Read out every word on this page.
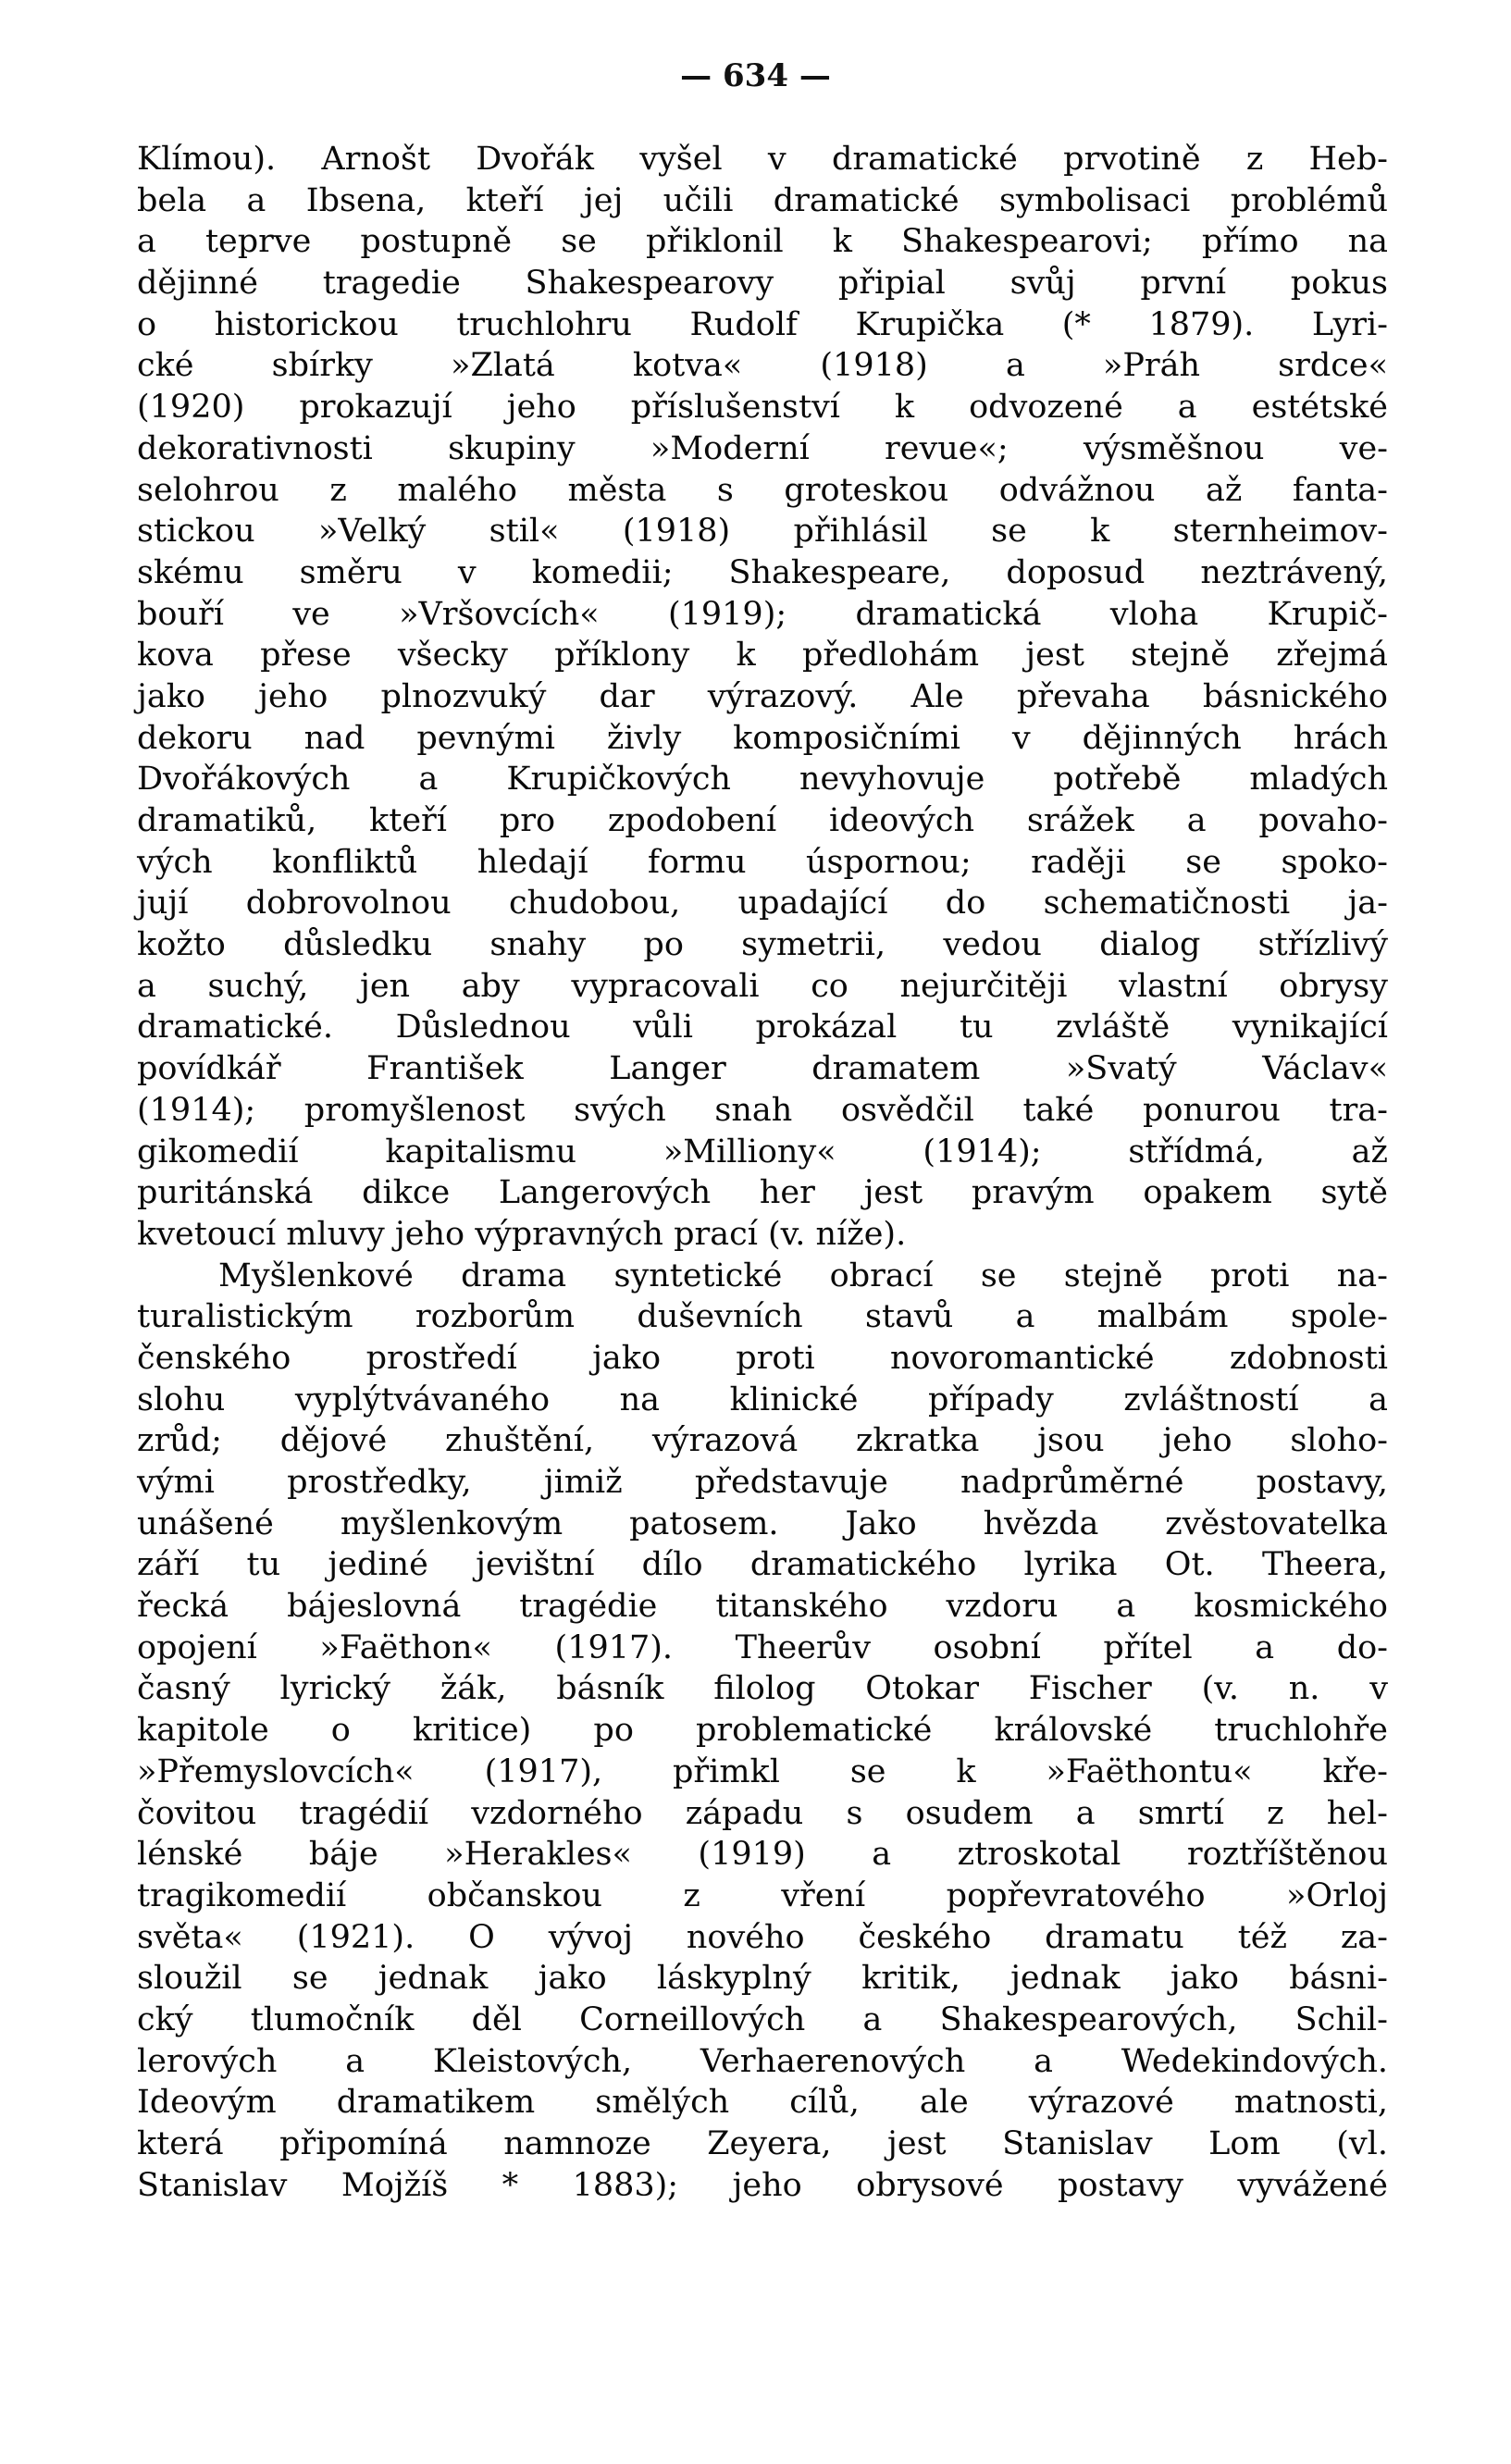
— 634 —
Klímou). Arnošt Dvořák vyšel v dramatické prvotině z Heb-
bela a Ibsena, kteří jej učili dramatické symbolisaci problémů
a teprve postupně se přiklonil k Shakespearovi; přímo na
dějinné tragedie Shakespearovy připial svůj první pokus
o historickou truchlohru Rudolf Krupička (* 1879). Lyri-
cké sbírky »Zlatá kotva« (1918) a »Práh srdce«
(1920) prokazují jeho příslušenství k odvozené a estétské
dekorativnosti skupiny »Moderní revue«; výsměšnou ve-
selohrou z malého města s groteskou odvážnou až fanta-
stickou »Velký stil« (1918) přihlásil se k sternheimov-
skému směru v komedii; Shakespeare, doposud neztrávený,
bouří ve »Vršovcích« (1919); dramatická vloha Krupič-
kova přese všecky příklony k předlohám jest stejně zřejmá
jako jeho plnozvuký dar výrazový. Ale převaha básnického
dekoru nad pevnými živly komposičními v dějinných hrách
Dvořákových a Krupičkových nevyhovuje potřebě mladých
dramatiků, kteří pro zpodobení ideových srážek a povaho-
vých konfliktů hledají formu úspornou; raději se spoko-
jují dobrovolnou chudobou, upadající do schematičnosti ja-
kožto důsledku snahy po symetrii, vedou dialog střízlivý
a suchý, jen aby vypracovali co nejurčitěji vlastní obrysy
dramatické. Důslednou vůli prokázal tu zvláště vynikající
povídkář František Langer dramatem »Svatý Václav«
(1914); promyšlenost svých snah osvědčil také ponurou tra-
gikomedií kapitalismu »Milliony« (1914); střídmá, až
puritánská dikce Langerových her jest pravým opakem sytě
kvetoucí mluvy jeho výpravných prací (v. níže).
Myšlenkové drama syntetické obrací se stejně proti na-
turalistickým rozborům duševních stavů a malbám spole-
čenského prostředí jako proti novoromantické zdobnosti
slohu vyplýtvávaného na klinické případy zvláštností a
zrůd; dějové zhuštění, výrazová zkratka jsou jeho sloho-
vými prostředky, jimiž představuje nadprůměrné postavy,
unášené myšlenkovým patosem. Jako hvězda zvěstovatelka
září tu jediné jevištní dílo dramatického lyrika Ot. Theera,
řecká bájeslovná tragédie titanského vzdoru a kosmického
opojení »Faëthon« (1917). Theerův osobní přítel a do-
časný lyrický žák, básník filolog Otokar Fischer (v. n. v
kapitole o kritice) po problematické královské truchlohře
»Přemyslovcích« (1917), přimkl se k »Faëthontu« kře-
čovitou tragédií vzdorného západu s osudem a smrtí z hel-
lénské báje »Herakles« (1919) a ztroskotal roztříštěnou
tragikomedií občanskou z vření popřevratového »Orloj
světa« (1921). O vývoj nového českého dramatu též za-
sloužil se jednak jako láskyplný kritik, jednak jako básni-
cký tlumočník děl Corneillových a Shakespearových, Schil-
lerových a Kleistových, Verhaerenových a Wedekindových.
Ideovým dramatikem smělých cílů, ale výrazové matnosti,
která připomíná namnoze Zeyera, jest Stanislav Lom (vl.
Stanislav Mojžíš * 1883); jeho obrysové postavy vyvážené
